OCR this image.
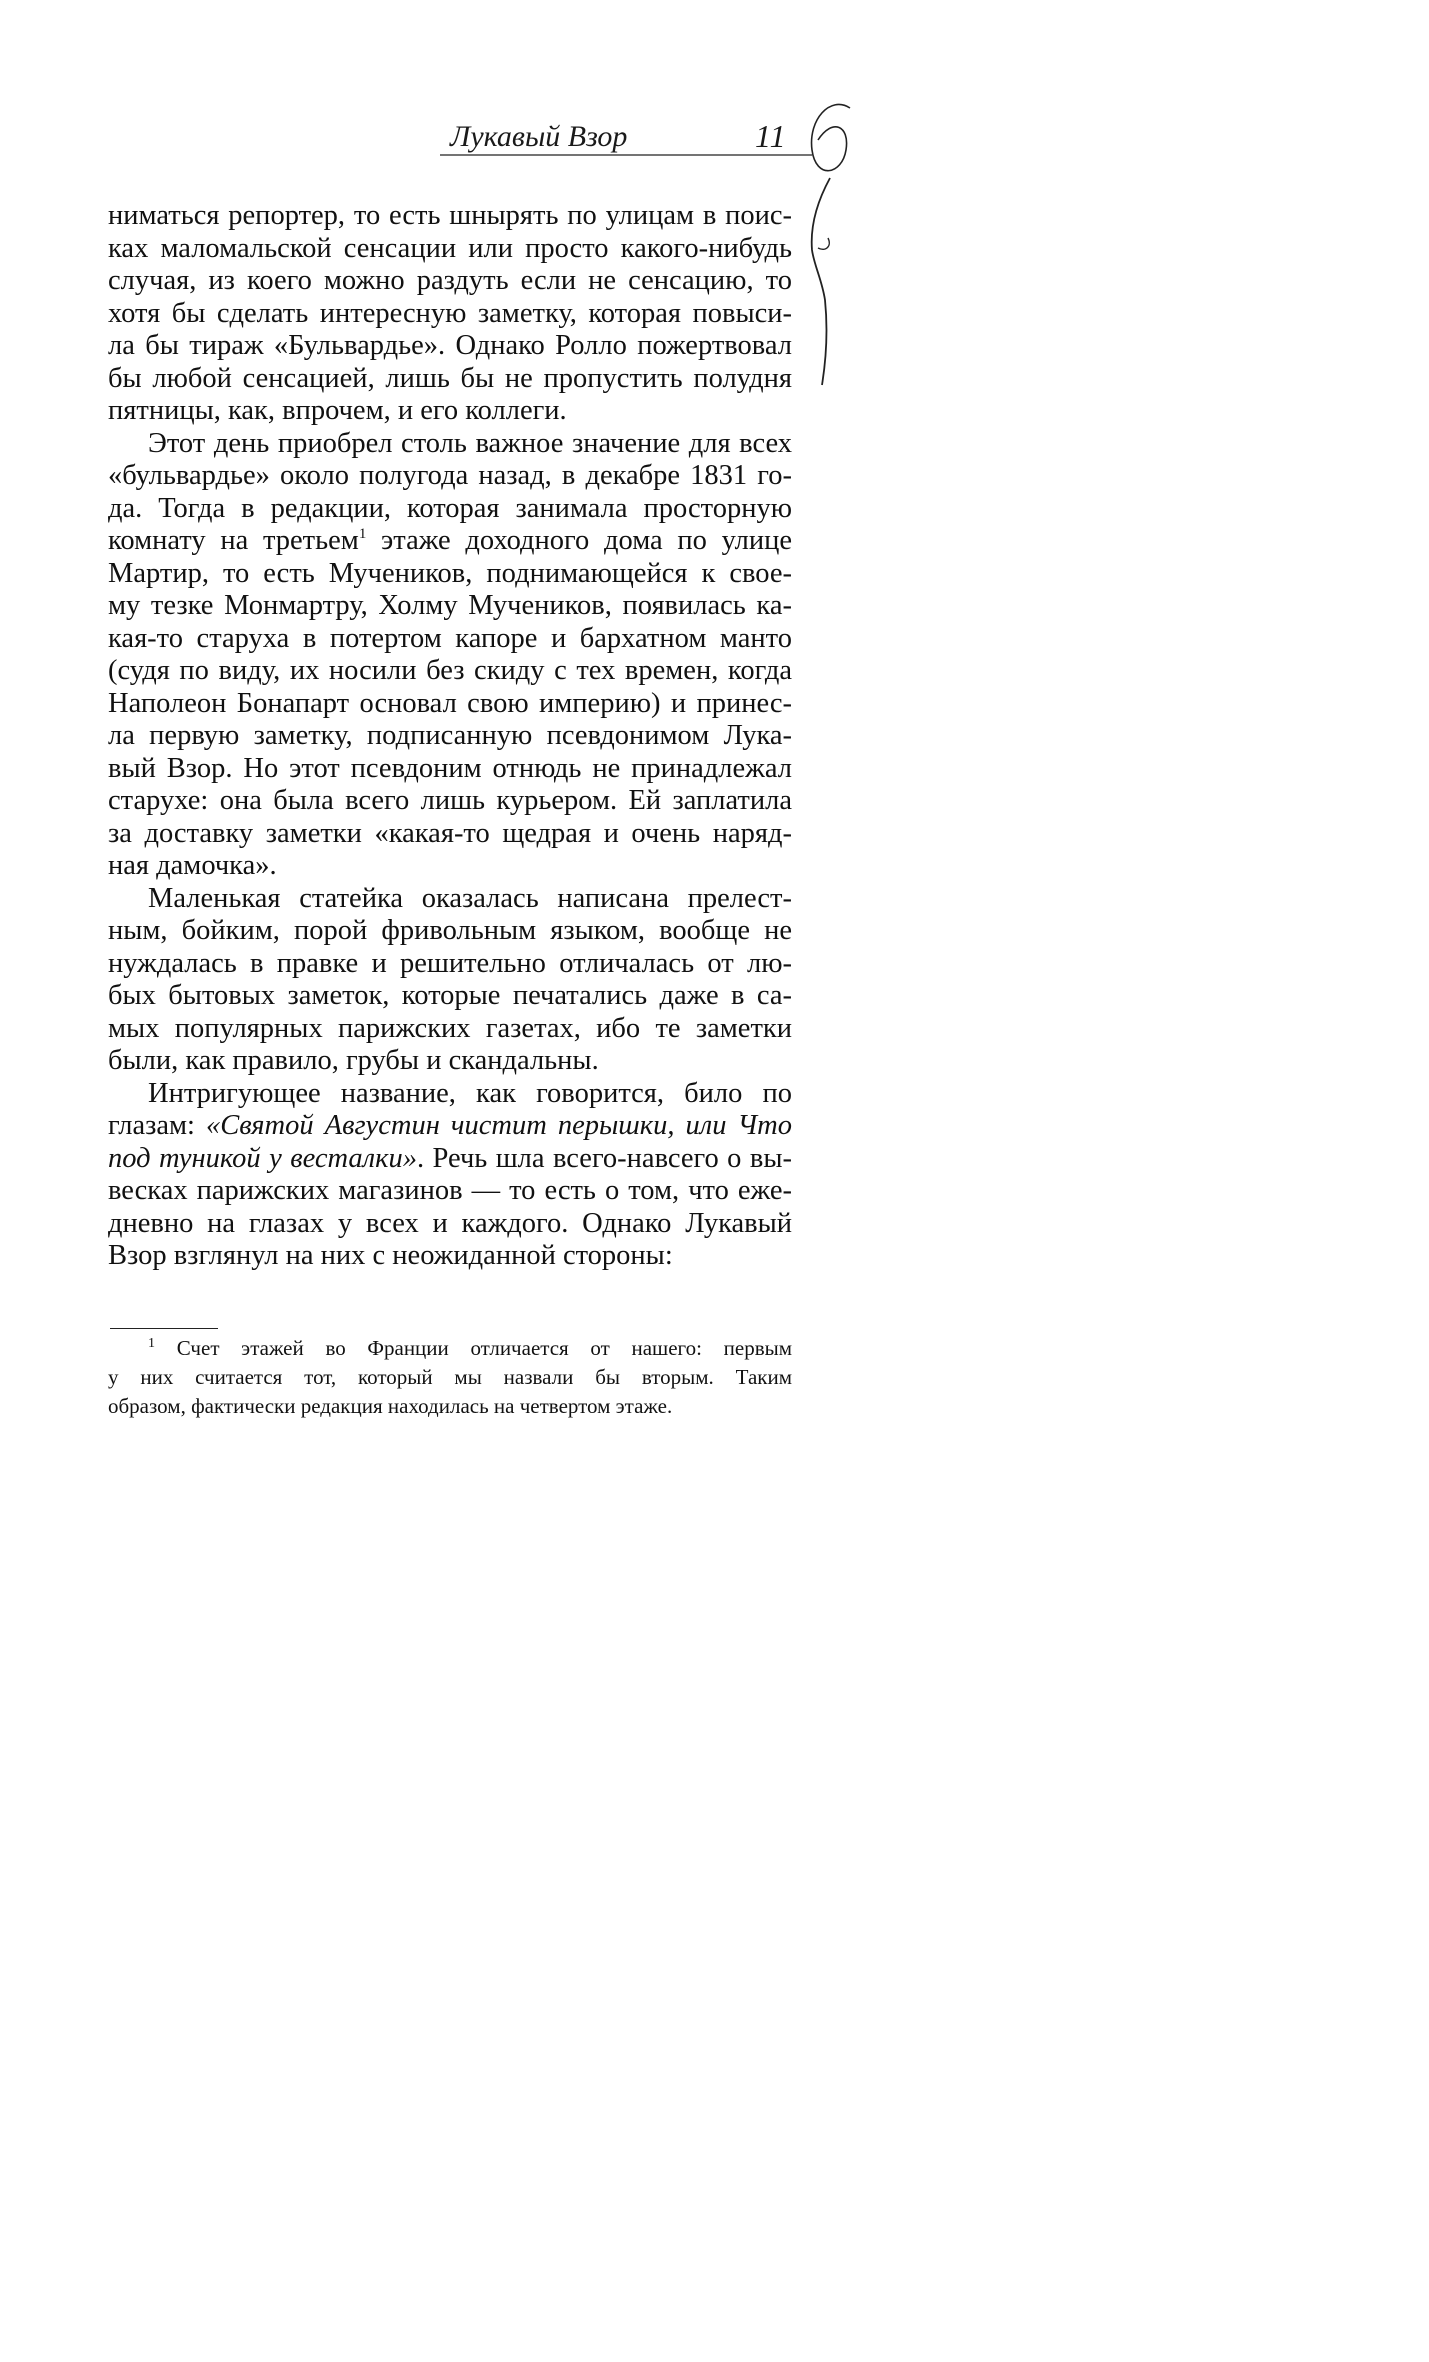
Лукавый Взор	11
ниматься репортер, то есть шнырять по улицам в поис-
ках маломальской сенсации или просто какого-нибудь
случая, из коего можно раздуть если не сенсацию, то
хотя бы сделать интересную заметку, которая повыси-
ла бы тираж «Бульвардье». Однако Ролло пожертвовал
бы любой сенсацией, лишь бы не пропустить полудня
пятницы, как, впрочем, и его коллеги.
Этот день приобрел столь важное значение для всех
«бульвардье» около полугода назад, в декабре 1831 го-
да. Тогда в редакции, которая занимала просторную
комнату на третьем$^1$ этаже доходного дома по улице
Мартир, то есть Мучеников, поднимающейся к свое-
му тезке Монмартру, Холму Мучеников, появилась ка-
кая-то старуха в потертом капоре и бархатном манто
(судя по виду, их носили без скиду с тех времен, когда
Наполеон Бонапарт основал свою империю) и принес-
ла первую заметку, подписанную псевдонимом Лука-
вый Взор. Но этот псевдоним отнюдь не принадлежал
старухе: она была всего лишь курьером. Ей заплатила
за доставку заметки «какая-то щедрая и очень наряд-
ная дамочка».
Маленькая статейка оказалась написана прелест-
ным, бойким, порой фривольным языком, вообще не
нуждалась в правке и решительно отличалась от лю-
бых бытовых заметок, которые печатались даже в са-
мых популярных парижских газетах, ибо те заметки
были, как правило, грубы и скандальны.
Интригующее название, как говорится, било по
глазам: «Святой Августин чистит перышки, или Что
под туникой у весталки». Речь шла всего-навсего о вы-
весках парижских магазинов — то есть о том, что еже-
дневно на глазах у всех и каждого. Однако Лукавый
Взор взглянул на них с неожиданной стороны:
$^1$ Счет этажей во Франции отличается от нашего: первым
у них считается тот, который мы назвали бы вторым. Таким
образом, фактически редакция находилась на четвертом этаже.
